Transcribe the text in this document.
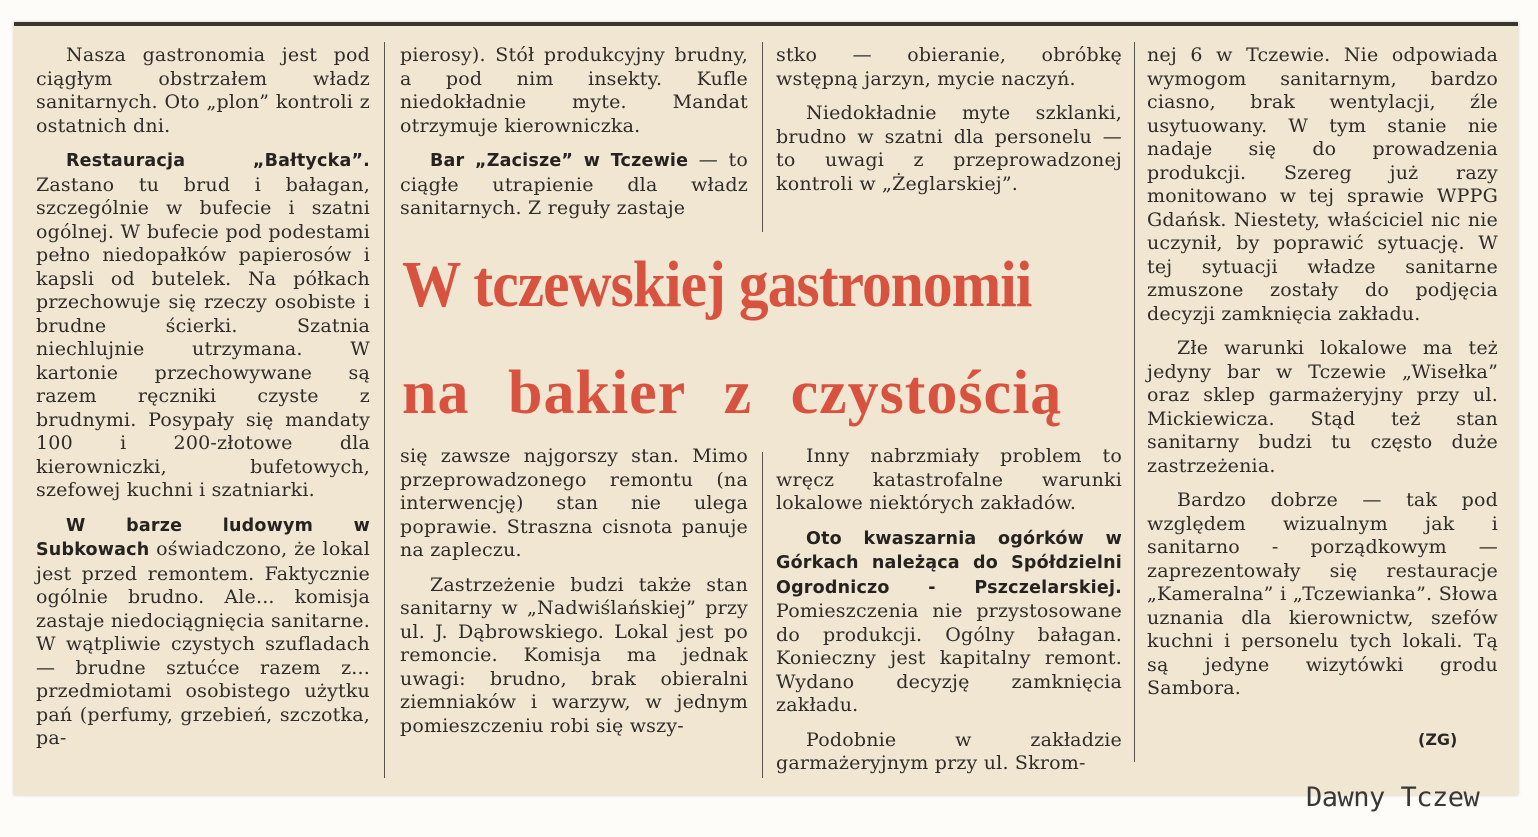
Nasza gastronomia jest pod ciągłym obstrzałem władz sanitarnych. Oto „plon” kontroli z ostatnich dni.

Restauracja „Bałtycka”. Zastano tu brud i bałagan, szczególnie w bufecie i szatni ogólnej. W bufecie pod podestami pełno niedopałków papierosów i kapsli od butelek. Na półkach przechowuje się rzeczy osobiste i brudne ścierki. Szatnia niechlujnie utrzymana. W kartonie przechowywane są razem ręczniki czyste z brudnymi. Posypały się mandaty 100 i 200-złotowe dla kierowniczki, bufetowych, szefowej kuchni i szatniarki.

W barze ludowym w Subkowach oświadczono, że lokal jest przed remontem. Faktycznie ogólnie brudno. Ale... komisja zastaje niedociągnięcia sanitarne. W wątpliwie czystych szufladach — brudne sztućce razem z... przedmiotami osobistego użytku pań (perfumy, grzebień, szczotka, pa-

pierosy). Stół produkcyjny brudny, a pod nim insekty. Kufle niedokładnie myte. Mandat otrzymuje kierowniczka.

Bar „Zacisze” w Tczewie — to ciągłe utrapienie dla władz sanitarnych. Z reguły zastaje

stko — obieranie, obróbkę wstępną jarzyn, mycie naczyń.

Niedokładnie myte szklanki, brudno w szatni dla personelu — to uwagi z przeprowadzonej kontroli w „Żeglarskiej”.

nej 6 w Tczewie. Nie odpowiada wymogom sanitarnym, bardzo ciasno, brak wentylacji, źle usytuowany. W tym stanie nie nadaje się do prowadzenia produkcji. Szereg już razy monitowano w tej sprawie WPPG Gdańsk. Niestety, właściciel nic nie uczynił, by poprawić sytuację. W tej sytuacji władze sanitarne zmuszone zostały do podjęcia decyzji zamknięcia zakładu.

Złe warunki lokalowe ma też jedyny bar w Tczewie „Wisełka” oraz sklep garmażeryjny przy ul. Mickiewicza. Stąd też stan sanitarny budzi tu często duże zastrzeżenia.

Bardzo dobrze — tak pod względem wizualnym jak i sanitarno - porządkowym — zaprezentowały się restauracje „Kameralna” i „Tczewianka”. Słowa uznania dla kierownictw, szefów kuchni i personelu tych lokali. Tą są jedyne wizytówki grodu Sambora.

W tczewskiej gastronomii
na bakier z czystością

się zawsze najgorszy stan. Mimo przeprowadzonego remontu (na interwencję) stan nie ulega poprawie. Straszna cisnota panuje na zapleczu.

Zastrzeżenie budzi także stan sanitarny w „Nadwiślańskiej” przy ul. J. Dąbrowskiego. Lokal jest po remoncie. Komisja ma jednak uwagi: brudno, brak obieralni ziemniaków i warzyw, w jednym pomieszczeniu robi się wszy-

Inny nabrzmiały problem to wręcz katastrofalne warunki lokalowe niektórych zakładów.

Oto kwaszarnia ogórków w Górkach należąca do Spółdzielni Ogrodniczo - Pszczelarskiej. Pomieszczenia nie przystosowane do produkcji. Ogólny bałagan. Konieczny jest kapitalny remont. Wydano decyzję zamknięcia zakładu.

Podobnie w zakładzie garmażeryjnym przy ul. Skrom-

(ZG)
Dawny Tczew
